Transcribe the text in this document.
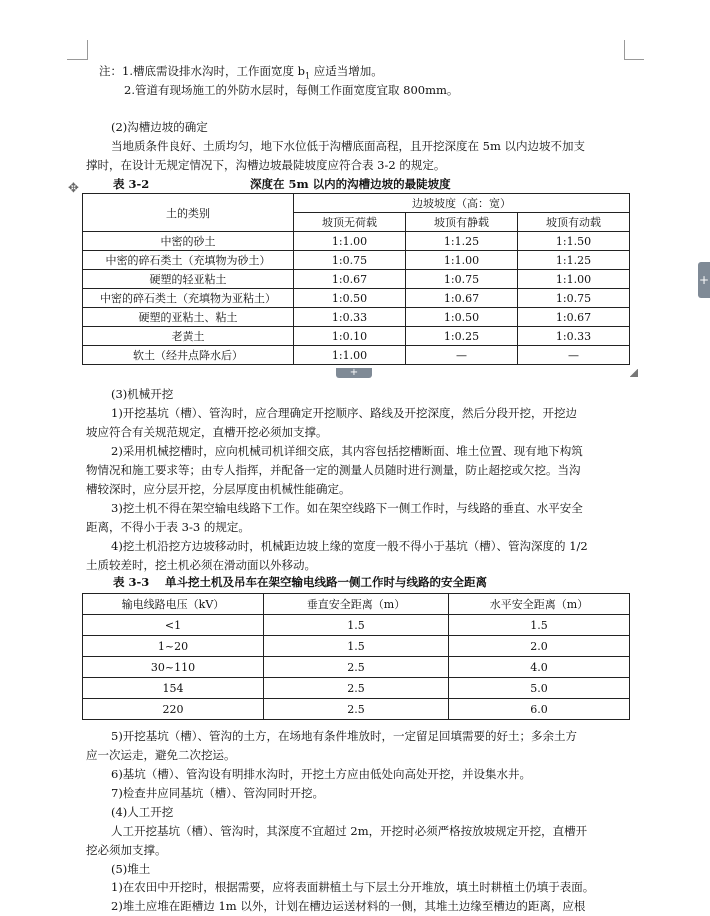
注：1.槽底需设排水沟时，工作面宽度 $b_1$ 应适当增加。
2.管道有现场施工的外防水层时，每侧工作面宽度宜取 800mm。
(2)沟槽边坡的确定
当地质条件良好、土质均匀，地下水位低于沟槽底面高程，且开挖深度在 5m 以内边坡不加支
撑时，在设计无规定情况下，沟槽边坡最陡坡度应符合表 3-2 的规定。
✥	表 3-2	深度在 5m 以内的沟槽边坡的最陡坡度
土的类别	边坡坡度（高：宽）		
	坡顶无荷载	坡顶有静载	坡顶有动载
中密的砂土	1:1.00	1:1.25	1:1.50
中密的碎石类土（充填物为砂土）	1:0.75	1:1.00	1:1.25
硬塑的轻亚粘土	1:0.67	1:0.75	1:1.00
中密的碎石类土（充填物为亚粘土）	1:0.50	1:0.67	1:0.75
硬塑的亚粘土、粘土	1:0.33	1:0.50	1:0.67
老黄土	1:0.10	1:0.25	1:0.33
软土（经井点降水后）	1:1.00	—	—
+
+
(3)机械开挖
1)开挖基坑（槽）、管沟时，应合理确定开挖顺序、路线及开挖深度，然后分段开挖，开挖边
坡应符合有关规范规定，直槽开挖必须加支撑。
2)采用机械挖槽时，应向机械司机详细交底，其内容包括挖槽断面、堆土位置、现有地下构筑
物情况和施工要求等；由专人指挥，并配备一定的测量人员随时进行测量，防止超挖或欠挖。当沟
槽较深时，应分层开挖，分层厚度由机械性能确定。
3)挖土机不得在架空输电线路下工作。如在架空线路下一侧工作时，与线路的垂直、水平安全
距离，不得小于表 3-3 的规定。
4)挖土机沿挖方边坡移动时，机械距边坡上缘的宽度一般不得小于基坑（槽）、管沟深度的 1/2
土质较差时，挖土机必须在滑动面以外移动。
表 3-3 单斗挖土机及吊车在架空输电线路一侧工作时与线路的安全距离
输电线路电压（kV）	垂直安全距离（m）	水平安全距离（m）
<1	1.5	1.5
1~20	1.5	2.0
30~110	2.5	4.0
154	2.5	5.0
220	2.5	6.0
5)开挖基坑（槽）、管沟的土方，在场地有条件堆放时，一定留足回填需要的好土；多余土方
应一次运走，避免二次挖运。
6)基坑（槽）、管沟设有明排水沟时，开挖土方应由低处向高处开挖，并设集水井。
7)检查井应同基坑（槽）、管沟同时开挖。
(4)人工开挖
人工开挖基坑（槽）、管沟时，其深度不宜超过 2m，开挖时必须严格按放坡规定开挖，直槽开
挖必须加支撑。
(5)堆土
1)在农田中开挖时，根据需要，应将表面耕植土与下层土分开堆放，填土时耕植土仍填于表面。
2)堆土应堆在距槽边 1m 以外，计划在槽边运送材料的一侧，其堆土边缘至槽边的距离，应根
